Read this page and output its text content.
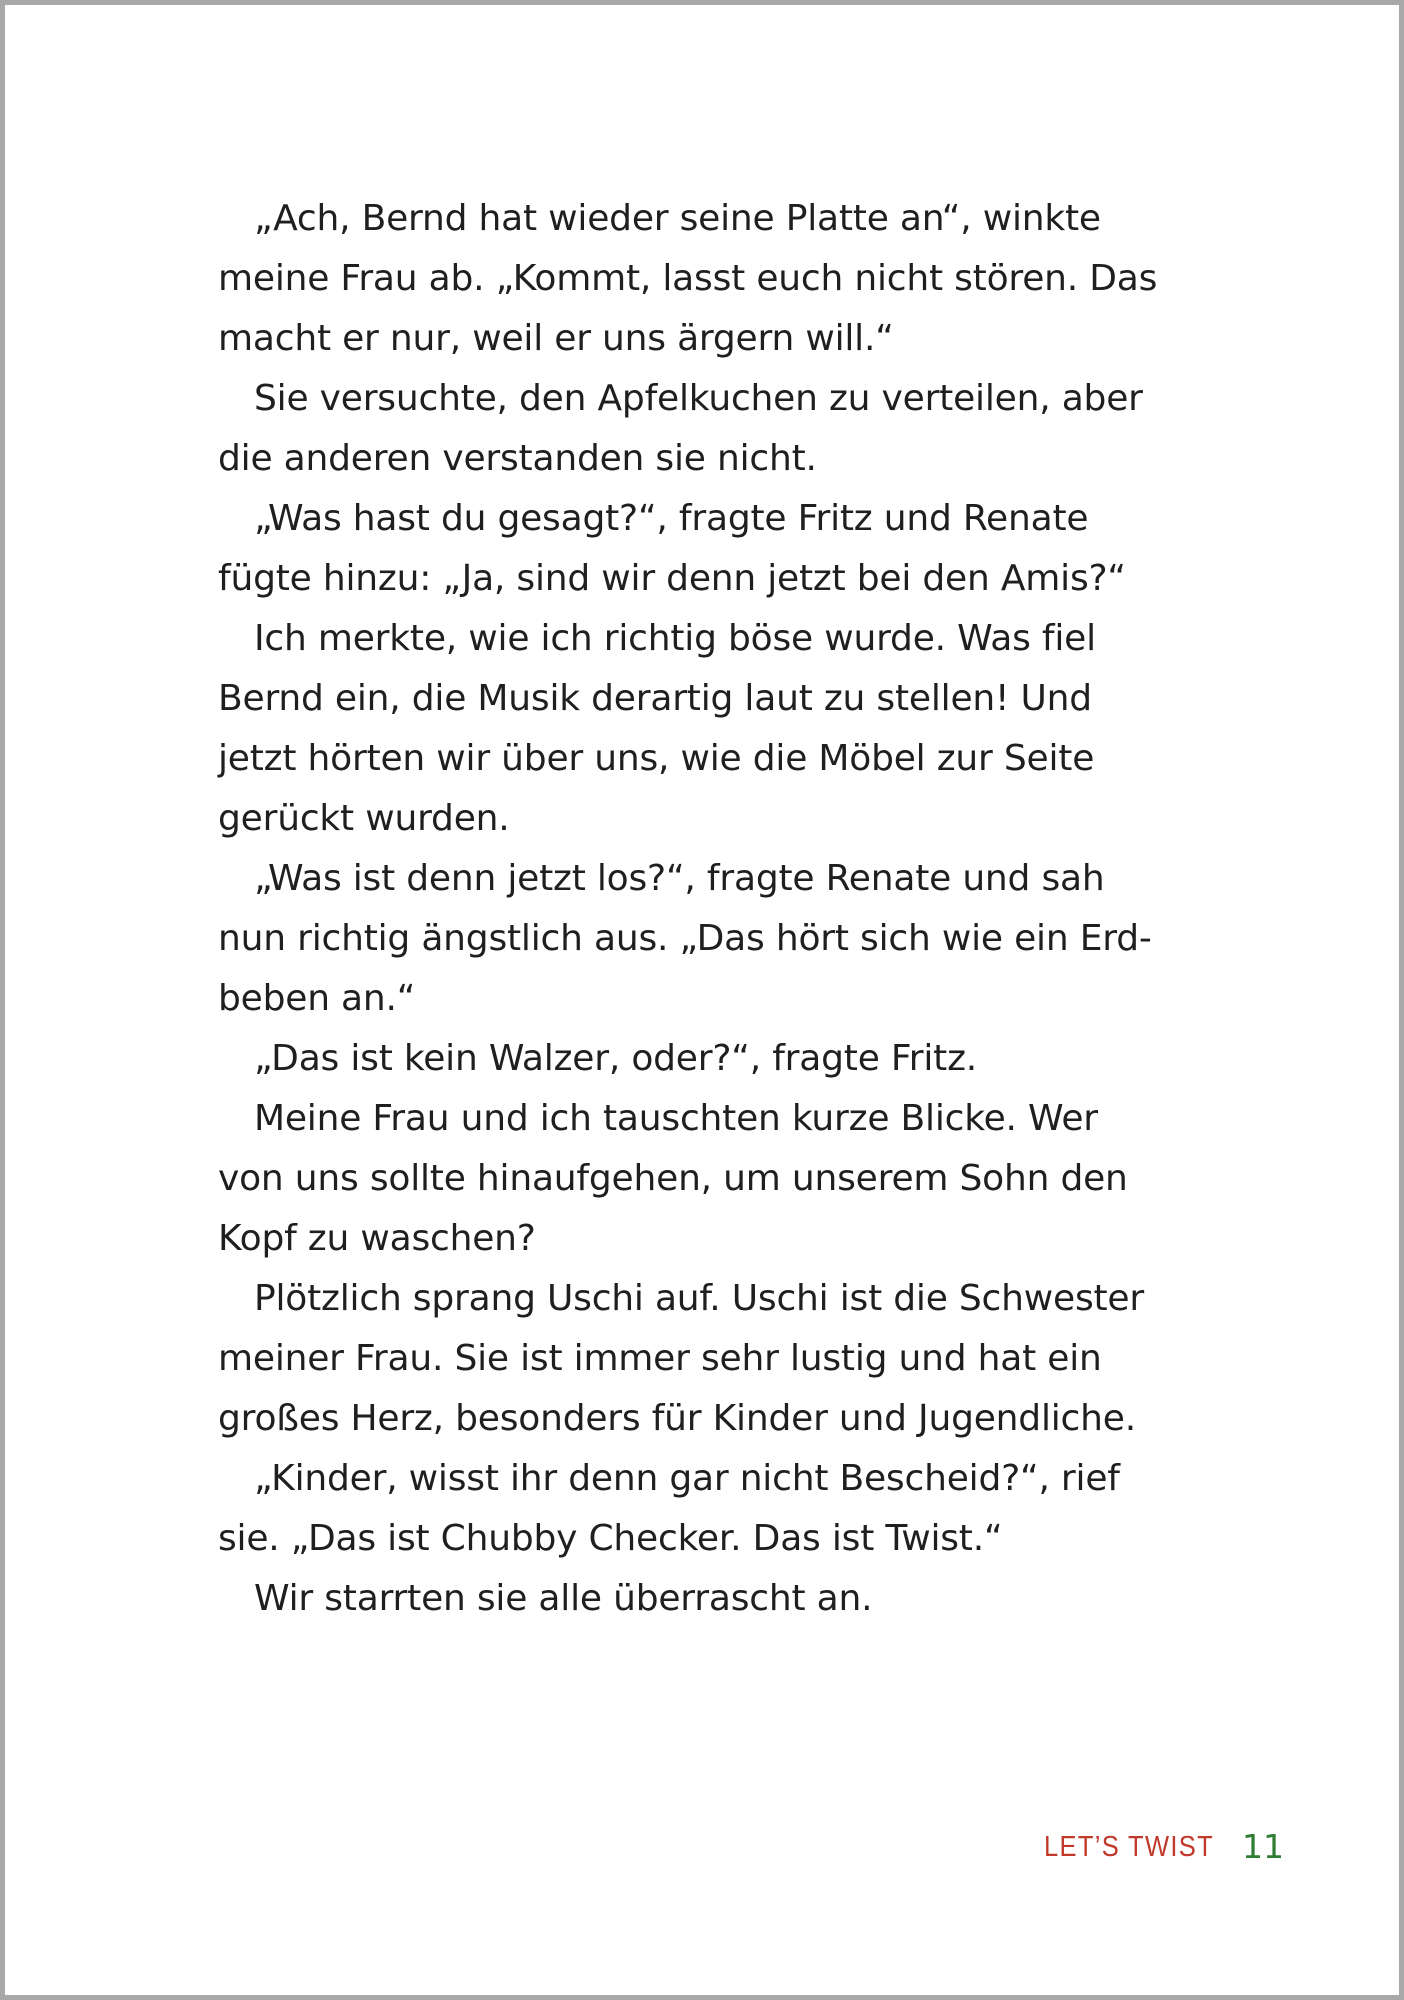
„Ach, Bernd hat wieder seine Platte an“, winkte
meine Frau ab. „Kommt, lasst euch nicht stören. Das
macht er nur, weil er uns ärgern will.“
Sie versuchte, den Apfelkuchen zu verteilen, aber
die anderen verstanden sie nicht.
„Was hast du gesagt?“, fragte Fritz und Renate
fügte hinzu: „Ja, sind wir denn jetzt bei den Amis?“
Ich merkte, wie ich richtig böse wurde. Was fiel
Bernd ein, die Musik derartig laut zu stellen! Und
jetzt hörten wir über uns, wie die Möbel zur Seite
gerückt wurden.
„Was ist denn jetzt los?“, fragte Renate und sah
nun richtig ängstlich aus. „Das hört sich wie ein Erd-
beben an.“
„Das ist kein Walzer, oder?“, fragte Fritz.
Meine Frau und ich tauschten kurze Blicke. Wer
von uns sollte hinaufgehen, um unserem Sohn den
Kopf zu waschen?
Plötzlich sprang Uschi auf. Uschi ist die Schwester
meiner Frau. Sie ist immer sehr lustig und hat ein
großes Herz, besonders für Kinder und Jugendliche.
„Kinder, wisst ihr denn gar nicht Bescheid?“, rief
sie. „Das ist Chubby Checker. Das ist Twist.“
Wir starrten sie alle überrascht an.
LET’S TWIST 11
